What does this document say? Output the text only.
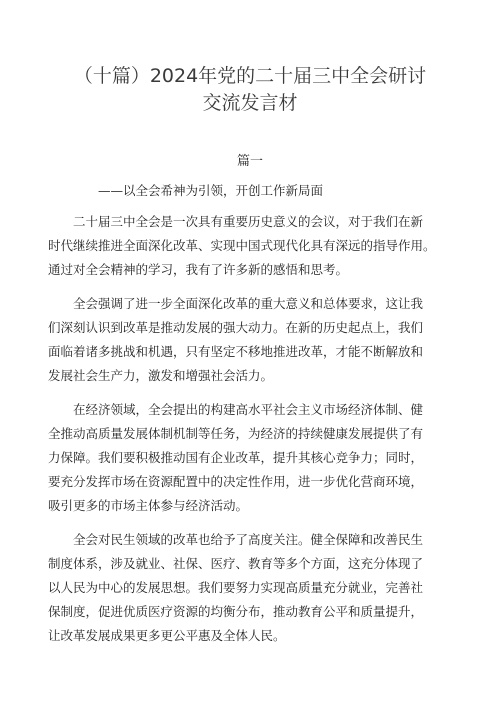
（十篇）2024年党的二十届三中全会研讨
交流发言材
篇一
——以全会希神为引领，开创工作新局面
二十届三中全会是一次具有重要历史意义的会议，对于我们在新
时代继续推进全面深化改革、实现中国式现代化具有深远的指导作用。
通过对全会精神的学习，我有了许多新的感悟和思考。
全会强调了进一步全面深化改革的重大意义和总体要求，这让我
们深刻认识到改革是推动发展的强大动力。在新的历史起点上，我们
面临着诸多挑战和机遇，只有坚定不移地推进改革，才能不断解放和
发展社会生产力，激发和增强社会活力。
在经济领域，全会提出的构建高水平社会主义市场经济体制、健
全推动高质量发展体制机制等任务，为经济的持续健康发展提供了有
力保障。我们要积极推动国有企业改革，提升其核心竞争力；同时，
要充分发挥市场在资源配置中的决定性作用，进一步优化营商环境，
吸引更多的市场主体参与经济活动。
全会对民生领域的改革也给予了高度关注。健全保障和改善民生
制度体系，涉及就业、社保、医疗、教育等多个方面，这充分体现了
以人民为中心的发展思想。我们要努力实现高质量充分就业，完善社
保制度，促进优质医疗资源的均衡分布，推动教育公平和质量提升，
让改革发展成果更多更公平惠及全体人民。
